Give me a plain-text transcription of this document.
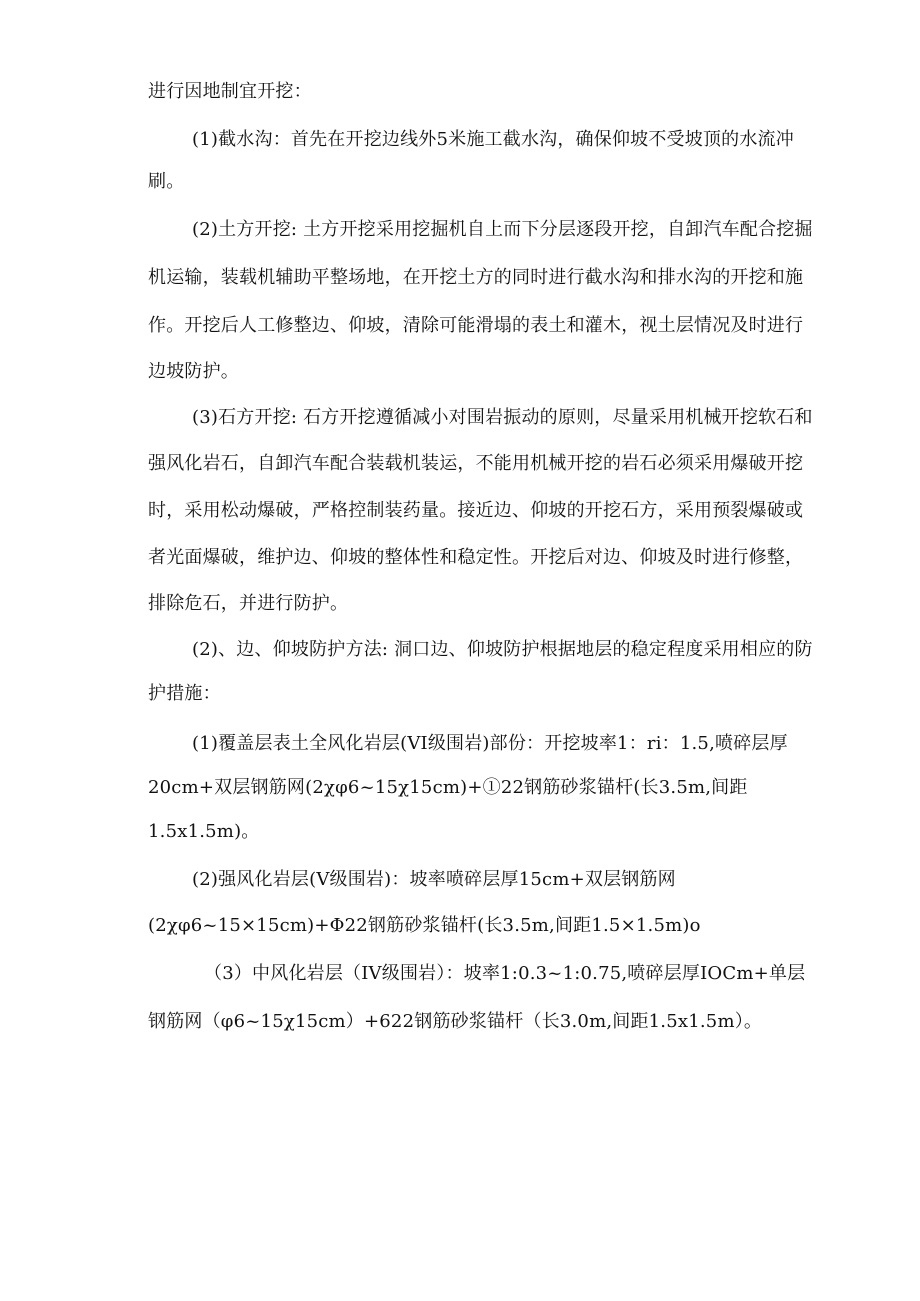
进行因地制宜开挖：
(1)截水沟：首先在开挖边线外5米施工截水沟，确保仰坡不受坡顶的水流冲
刷。
(2)土方开挖: 土方开挖采用挖掘机自上而下分层逐段开挖，自卸汽车配合挖掘
机运输，装载机辅助平整场地，在开挖土方的同时进行截水沟和排水沟的开挖和施
作。开挖后人工修整边、仰坡，清除可能滑塌的表土和灌木，视土层情况及时进行
边坡防护。
(3)石方开挖: 石方开挖遵循减小对围岩振动的原则，尽量采用机械开挖软石和
强风化岩石，自卸汽车配合装载机装运，不能用机械开挖的岩石必须采用爆破开挖
时，采用松动爆破，严格控制装药量。接近边、仰坡的开挖石方，采用预裂爆破或
者光面爆破，维护边、仰坡的整体性和稳定性。开挖后对边、仰坡及时进行修整，
排除危石，并进行防护。
(2)、边、仰坡防护方法: 洞口边、仰坡防护根据地层的稳定程度采用相应的防
护措施：
(1)覆盖层表土全风化岩层(VI级围岩)部份：开挖坡率1：ri：1.5,喷碎层厚
20cm+双层钢筋网(2χφ6~15χ15cm)+①22钢筋砂浆锚杆(长3.5m,间距
1.5x1.5m)。
(2)强风化岩层(V级围岩)：坡率喷碎层厚15cm+双层钢筋网
(2χφ6~15×15cm)+Φ22钢筋砂浆锚杆(长3.5m,间距1.5×1.5m)o
（3）中风化岩层（IV级围岩）：坡率1:0.3~1:0.75,喷碎层厚IOCm+单层
钢筋网（φ6~15χ15cm）+622钢筋砂浆锚杆（长3.0m,间距1.5x1.5m）。
